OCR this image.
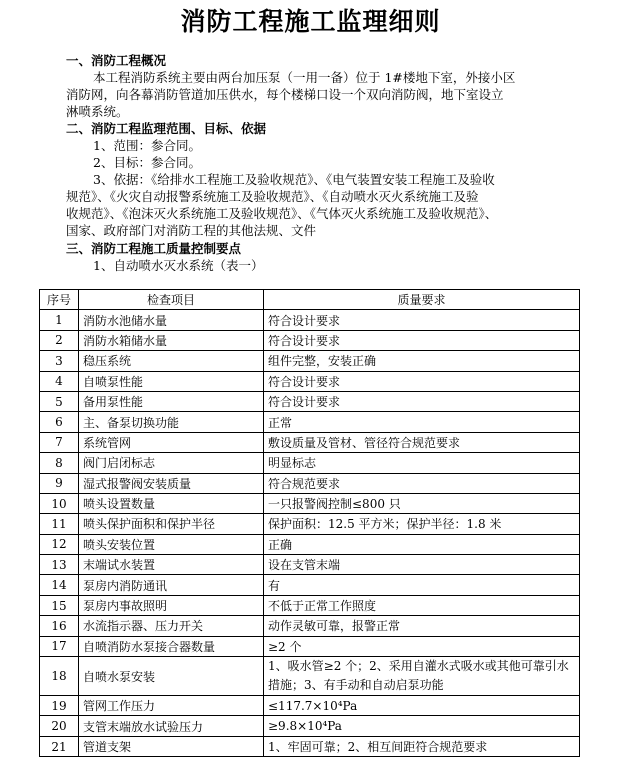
消防工程施工监理细则
一、消防工程概况
本工程消防系统主要由两台加压泵（一用一备）位于 1#楼地下室，外接小区
消防网，向各幕消防管道加压供水，每个楼梯口设一个双向消防阀，地下室设立
淋喷系统。
二、消防工程监理范围、目标、依据
1、范围：参合同。
2、目标：参合同。
3、依据：《给排水工程施工及验收规范》、《电气装置安装工程施工及验收
规范》、《火灾自动报警系统施工及验收规范》、《自动喷水灭火系统施工及验
收规范》、《泡沫灭火系统施工及验收规范》、《气体灭火系统施工及验收规范》、
国家、政府部门对消防工程的其他法规、文件
三、消防工程施工质量控制要点
1、自动喷水灭水系统（表一）
序号	检查项目	质量要求
1	消防水池储水量	符合设计要求
2	消防水箱储水量	符合设计要求
3	稳压系统	组件完整，安装正确
4	自喷泵性能	符合设计要求
5	备用泵性能	符合设计要求
6	主、备泵切换功能	正常
7	系统管网	敷设质量及管材、管径符合规范要求
8	阀门启闭标志	明显标志
9	湿式报警阀安装质量	符合规范要求
10	喷头设置数量	一只报警阀控制≤800 只
11	喷头保护面积和保护半径	保护面积：12.5 平方米；保护半径：1.8 米
12	喷头安装位置	正确
13	末端试水装置	设在支管末端
14	泵房内消防通讯	有
15	泵房内事故照明	不低于正常工作照度
16	水流指示器、压力开关	动作灵敏可靠，报警正常
17	自喷消防水泵接合器数量	≥2 个
18	自喷水泵安装	1、吸水管≥2 个；2、采用自灌水式吸水或其他可靠引水措施；3、有手动和自动启泵功能
19	管网工作压力	≤117.7×10⁴Pa
20	支管末端放水试验压力	≥9.8×10⁴Pa
21	管道支架	1、牢固可靠；2、相互间距符合规范要求
